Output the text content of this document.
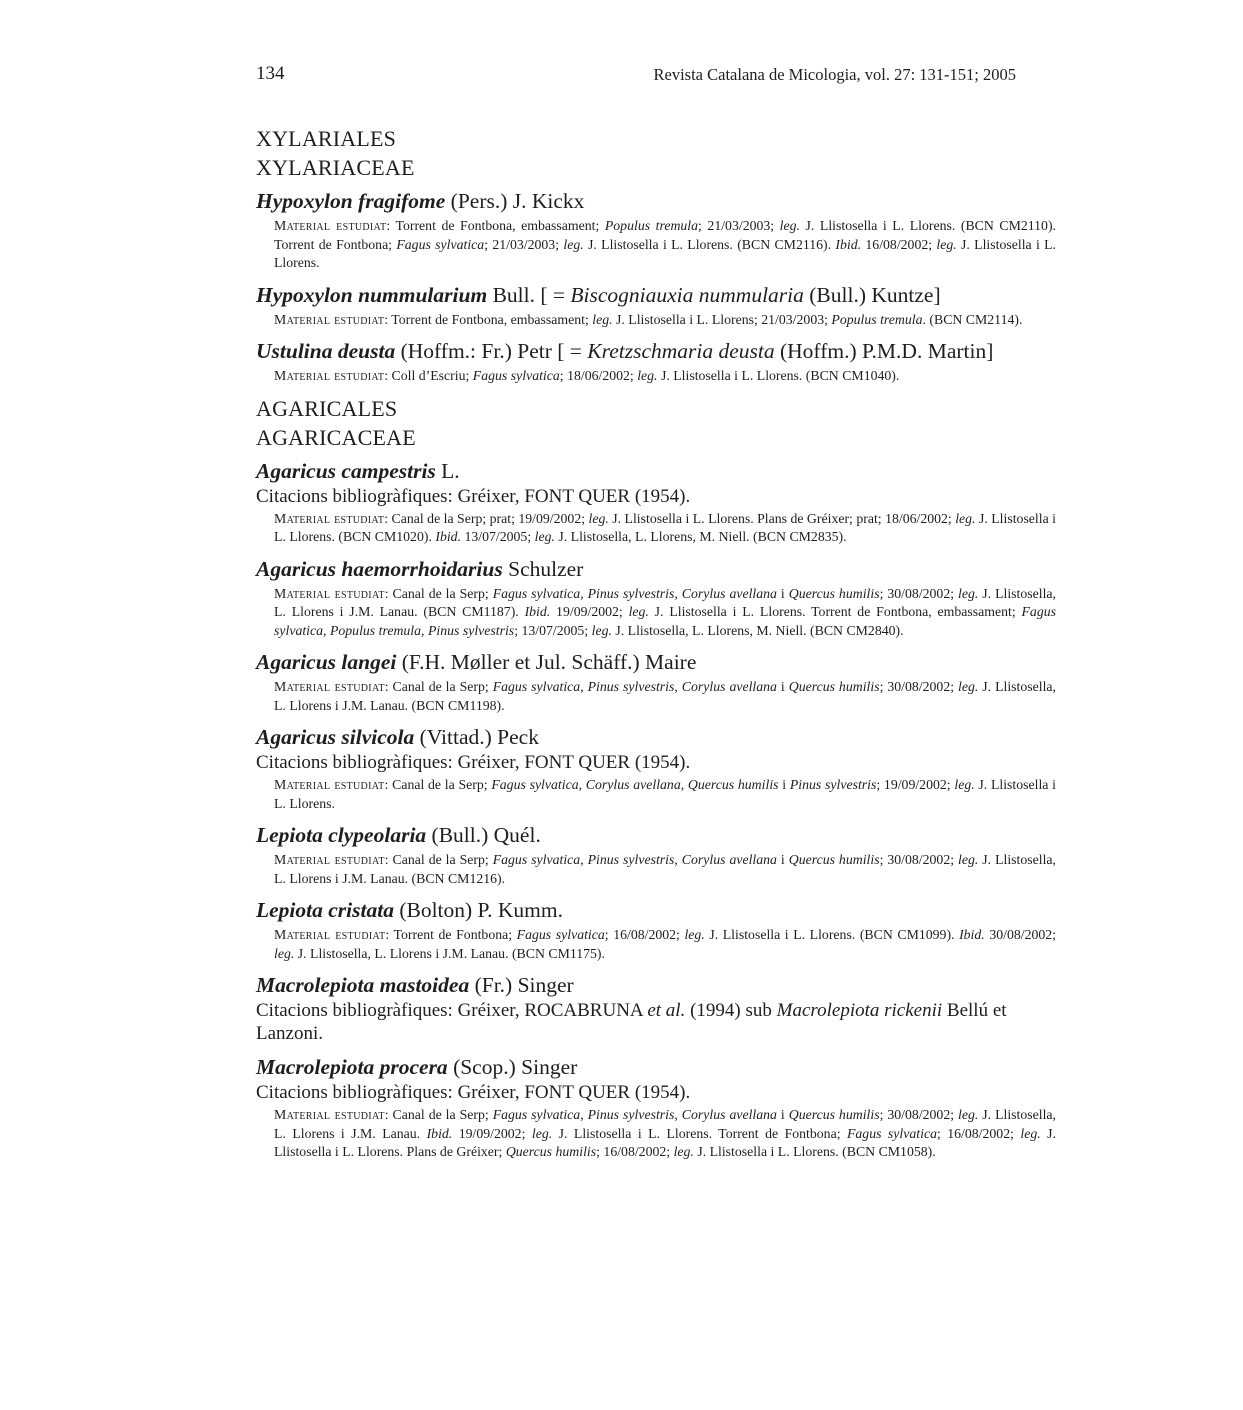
134	Revista Catalana de Micologia, vol. 27: 131-151; 2005
XYLARIALES
XYLARIACEAE
Hypoxylon fragifome (Pers.) J. Kickx
Material estudiat: Torrent de Fontbona, embassament; Populus tremula; 21/03/2003; leg. J. Llistosella i L. Llorens. (BCN CM2110). Torrent de Fontbona; Fagus sylvatica; 21/03/2003; leg. J. Llistosella i L. Llorens. (BCN CM2116). Ibid. 16/08/2002; leg. J. Llistosella i L. Llorens.
Hypoxylon nummularium Bull. [ = Biscogniauxia nummularia (Bull.) Kuntze]
Material estudiat: Torrent de Fontbona, embassament; leg. J. Llistosella i L. Llorens; 21/03/2003; Populus tremula. (BCN CM2114).
Ustulina deusta (Hoffm.: Fr.) Petr [ = Kretzschmaria deusta (Hoffm.) P.M.D. Martin]
Material estudiat: Coll d’Escriu; Fagus sylvatica; 18/06/2002; leg. J. Llistosella i L. Llorens. (BCN CM1040).
AGARICALES
AGARICACEAE
Agaricus campestris L.
Citacions bibliogràfiques: Gréixer, FONT QUER (1954).
Material estudiat: Canal de la Serp; prat; 19/09/2002; leg. J. Llistosella i L. Llorens. Plans de Gréixer; prat; 18/06/2002; leg. J. Llistosella i L. Llorens. (BCN CM1020). Ibid. 13/07/2005; leg. J. Llistosella, L. Llorens, M. Niell. (BCN CM2835).
Agaricus haemorrhoidarius Schulzer
Material estudiat: Canal de la Serp; Fagus sylvatica, Pinus sylvestris, Corylus avellana i Quercus humilis; 30/08/2002; leg. J. Llistosella, L. Llorens i J.M. Lanau. (BCN CM1187). Ibid. 19/09/2002; leg. J. Llistosella i L. Llorens. Torrent de Fontbona, embassament; Fagus sylvatica, Populus tremula, Pinus sylvestris; 13/07/2005; leg. J. Llistosella, L. Llorens, M. Niell. (BCN CM2840).
Agaricus langei (F.H. Møller et Jul. Schäff.) Maire
Material estudiat: Canal de la Serp; Fagus sylvatica, Pinus sylvestris, Corylus avellana i Quercus humilis; 30/08/2002; leg. J. Llistosella, L. Llorens i J.M. Lanau. (BCN CM1198).
Agaricus silvicola (Vittad.) Peck
Citacions bibliogràfiques: Gréixer, FONT QUER (1954).
Material estudiat: Canal de la Serp; Fagus sylvatica, Corylus avellana, Quercus humilis i Pinus sylvestris; 19/09/2002; leg. J. Llistosella i L. Llorens.
Lepiota clypeolaria (Bull.) Quél.
Material estudiat: Canal de la Serp; Fagus sylvatica, Pinus sylvestris, Corylus avellana i Quercus humilis; 30/08/2002; leg. J. Llistosella, L. Llorens i J.M. Lanau. (BCN CM1216).
Lepiota cristata (Bolton) P. Kumm.
Material estudiat: Torrent de Fontbona; Fagus sylvatica; 16/08/2002; leg. J. Llistosella i L. Llorens. (BCN CM1099). Ibid. 30/08/2002; leg. J. Llistosella, L. Llorens i J.M. Lanau. (BCN CM1175).
Macrolepiota mastoidea (Fr.) Singer
Citacions bibliogràfiques: Gréixer, ROCABRUNA et al. (1994) sub Macrolepiota rickenii Bellú et Lanzoni.
Macrolepiota procera (Scop.) Singer
Citacions bibliogràfiques: Gréixer, FONT QUER (1954).
Material estudiat: Canal de la Serp; Fagus sylvatica, Pinus sylvestris, Corylus avellana i Quercus humilis; 30/08/2002; leg. J. Llistosella, L. Llorens i J.M. Lanau. Ibid. 19/09/2002; leg. J. Llistosella i L. Llorens. Torrent de Fontbona; Fagus sylvatica; 16/08/2002; leg. J. Llistosella i L. Llorens. Plans de Gréixer; Quercus humilis; 16/08/2002; leg. J. Llistosella i L. Llorens. (BCN CM1058).
